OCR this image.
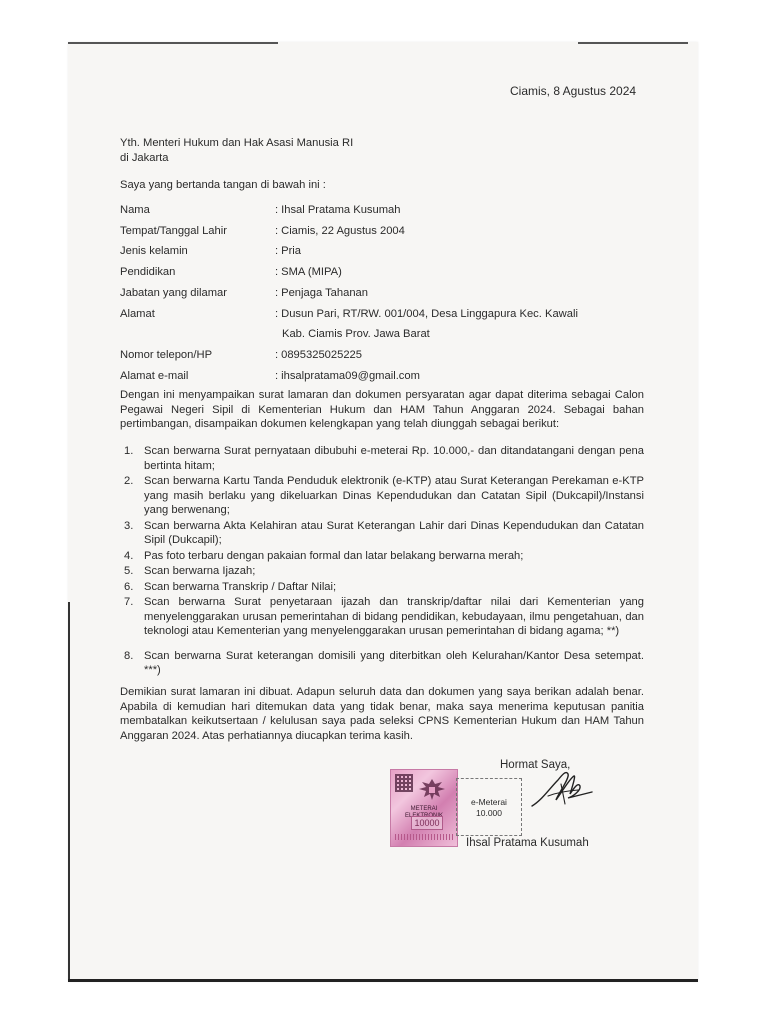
Ciamis, 8 Agustus 2024
Yth. Menteri Hukum dan Hak Asasi Manusia RI
di Jakarta
Saya yang bertanda tangan di bawah ini :
Nama	: Ihsal Pratama Kusumah
Tempat/Tanggal Lahir	: Ciamis, 22 Agustus 2004
Jenis kelamin	: Pria
Pendidikan	: SMA (MIPA)
Jabatan yang dilamar	: Penjaga Tahanan
Alamat	: Dusun Pari, RT/RW. 001/004, Desa Linggapura Kec. Kawali
Kab. Ciamis Prov. Jawa Barat
Nomor telepon/HP	: 0895325025225
Alamat e-mail	: ihsalpratama09@gmail.com
Dengan ini menyampaikan surat lamaran dan dokumen persyaratan agar dapat diterima sebagai Calon Pegawai Negeri Sipil di Kementerian Hukum dan HAM Tahun Anggaran 2024. Sebagai bahan pertimbangan, disampaikan dokumen kelengkapan yang telah diunggah sebagai berikut:
1. Scan berwarna Surat pernyataan dibubuhi e-meterai Rp. 10.000,- dan ditandatangani dengan pena bertinta hitam;
2. Scan berwarna Kartu Tanda Penduduk elektronik (e-KTP) atau Surat Keterangan Perekaman e-KTP yang masih berlaku yang dikeluarkan Dinas Kependudukan dan Catatan Sipil (Dukcapil)/Instansi yang berwenang;
3. Scan berwarna Akta Kelahiran atau Surat Keterangan Lahir dari Dinas Kependudukan dan Catatan Sipil (Dukcapil);
4. Pas foto terbaru dengan pakaian formal dan latar belakang berwarna merah;
5. Scan berwarna Ijazah;
6. Scan berwarna Transkrip / Daftar Nilai;
7. Scan berwarna Surat penyetaraan ijazah dan transkrip/daftar nilai dari Kementerian yang menyelenggarakan urusan pemerintahan di bidang pendidikan, kebudayaan, ilmu pengetahuan, dan teknologi atau Kementerian yang menyelenggarakan urusan pemerintahan di bidang agama; **)
8. Scan berwarna Surat keterangan domisili yang diterbitkan oleh Kelurahan/Kantor Desa setempat. ***)
Demikian surat lamaran ini dibuat. Adapun seluruh data dan dokumen yang saya berikan adalah benar. Apabila di kemudian hari ditemukan data yang tidak benar, maka saya menerima keputusan panitia membatalkan keikutsertaan / kelulusan saya pada seleksi CPNS Kementerian Hukum dan HAM Tahun Anggaran 2024. Atas perhatiannya diucapkan terima kasih.
Hormat Saya,
METERAI ELEKTRONIK
10000
e-Meterai
10.000
Ihsal Pratama Kusumah
